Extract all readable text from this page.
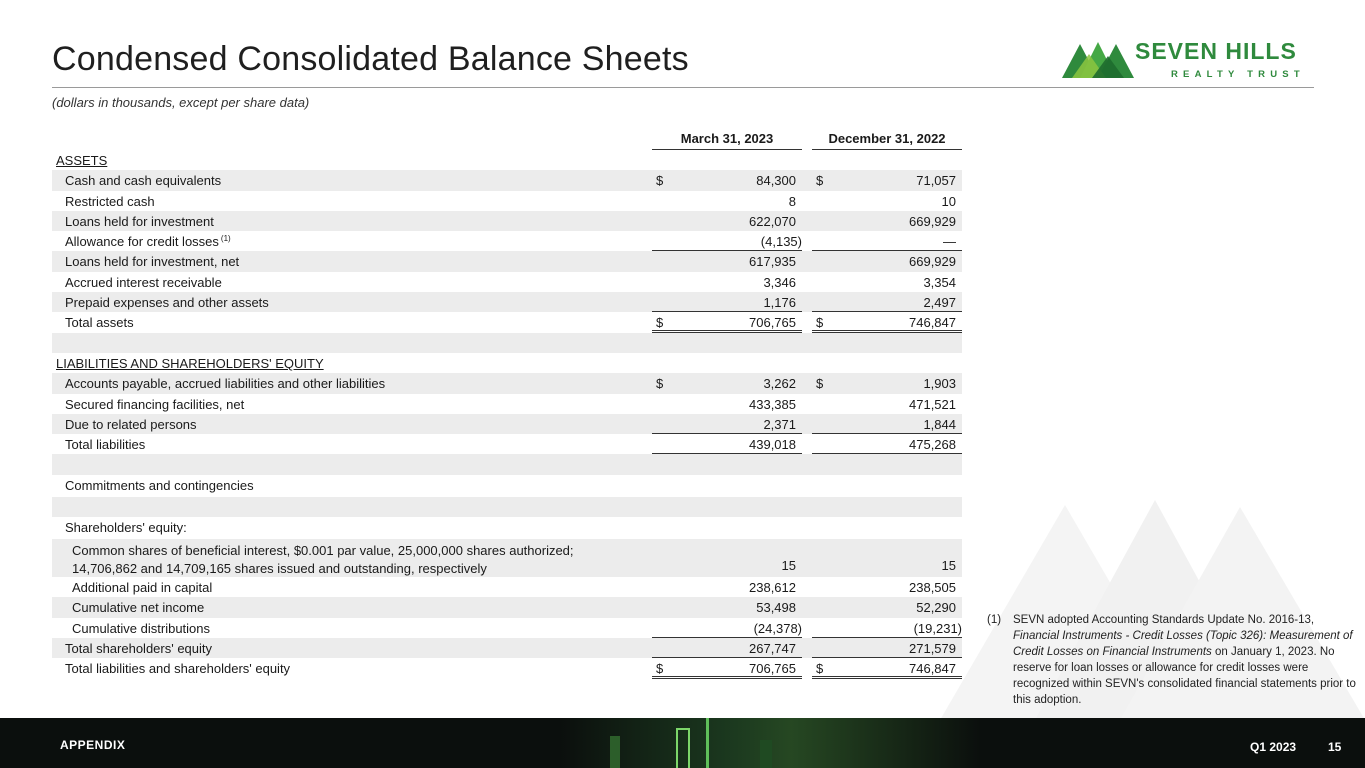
Condensed Consolidated Balance Sheets
(dollars in thousands, except per share data)
SEVEN HILLS
REALTY TRUST
March 31, 2023	December 31, 2022
ASSETS
Cash and cash equivalents	$	84,300 $	71,057
Restricted cash	8	10
Loans held for investment	622,070	669,929
Allowance for credit losses $^{(1)}$	(4,135)	—
Loans held for investment, net	617,935	669,929
Accrued interest receivable	3,346	3,354
Prepaid expenses and other assets	1,176	2,497
Total assets	$	706,765 $	746,847
LIABILITIES AND SHAREHOLDERS' EQUITY
Accounts payable, accrued liabilities and other liabilities	$	3,262 $	1,903
Secured financing facilities, net	433,385	471,521
Due to related persons	2,371	1,844
Total liabilities	439,018	475,268
Commitments and contingencies
Shareholders' equity:
Common shares of beneficial interest, $0.001 par value, 25,000,000 shares authorized;
14,706,862 and 14,709,165 shares issued and outstanding, respectively	15	15
Additional paid in capital	238,612	238,505
Cumulative net income	53,498	52,290
Cumulative distributions	(24,378)	(19,231)
Total shareholders' equity	267,747	271,579
Total liabilities and shareholders' equity	$	706,765 $	746,847
(1) SEVN adopted Accounting Standards Update No. 2016-13, Financial Instruments - Credit Losses (Topic 326): Measurement of Credit Losses on Financial Instruments on January 1, 2023. No reserve for loan losses or allowance for credit losses were recognized within SEVN's consolidated financial statements prior to this adoption.
APPENDIX	Q1 2023	15
